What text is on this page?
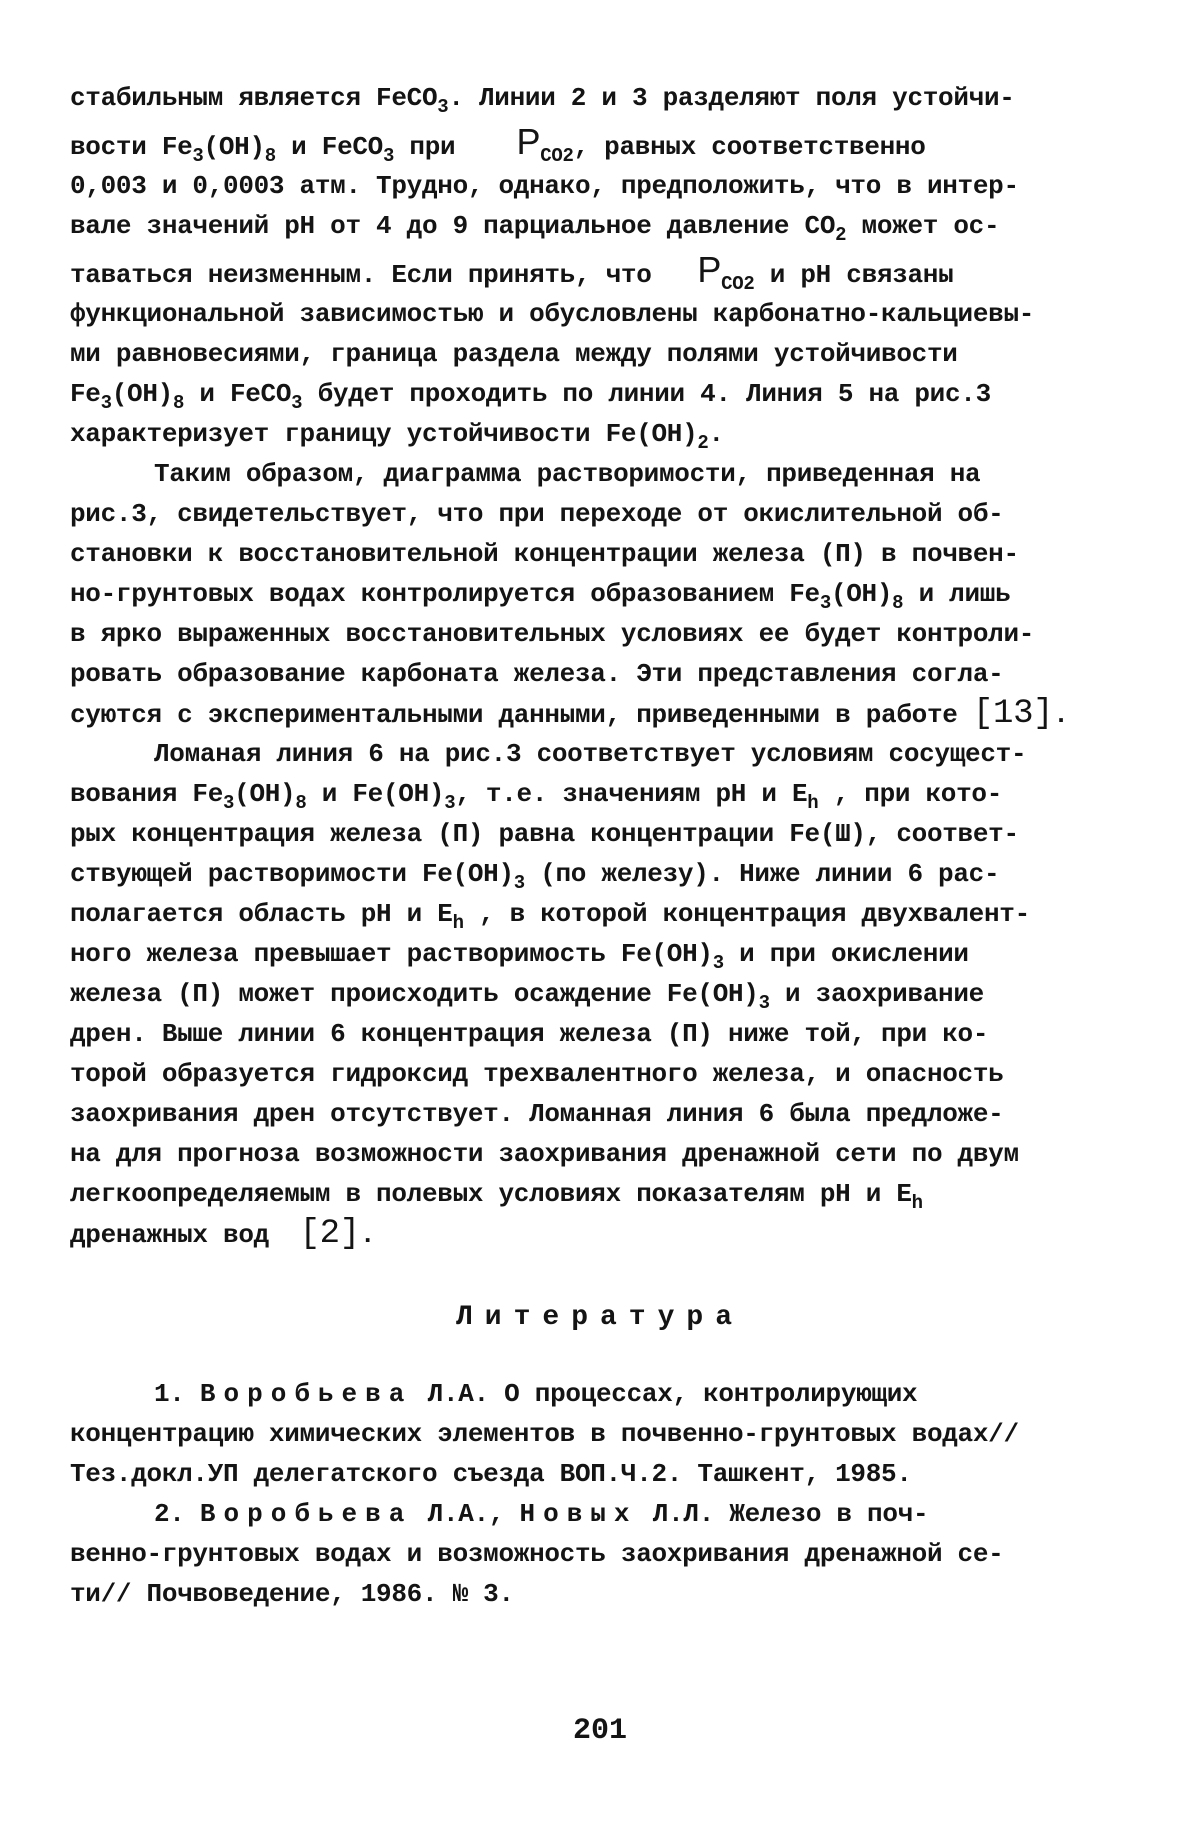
стабильным является FeCO$_3$. Линии 2 и 3 разделяют поля устойчи-
вости $Fe_3(OH)_8$ и FeCO$_3$ при    $P_{CO2}$, равных соответственно
0,003 и 0,0003 атм. Трудно, однако, предположить, что в интер-
вале значений pH от 4 до 9 парциальное давление $CO_2$ может ос-
таваться неизменным. Если принять, что   $P_{CO2}$ и pH связаны
функциональной зависимостью и обусловлены карбонатно-кальциевы-
ми равновесиями, граница раздела между полями устойчивости
$Fe_3(OH)_8$ и FeCO$_3$ будет проходить по линии 4. Линия 5 на рис.3
характеризует границу устойчивости $Fe(OH)_2$.
Таким образом, диаграмма растворимости, приведенная на
рис.3, свидетельствует, что при переходе от окислительной об-
становки к восстановительной концентрации железа (П) в почвен-
но-грунтовых водах контролируется образованием $Fe_3(OH)_8$ и лишь
в ярко выраженных восстановительных условиях ее будет контроли-
ровать образование карбоната железа. Эти представления согла-
суются с экспериментальными данными, приведенными в работе [13].
Ломаная линия 6 на рис.3 соответствует условиям сосущест-
вования $Fe_3(OH)_8$ и $Fe(OH)_3$, т.е. значениям pH и $E_h$ , при кото-
рых концентрация железа (П) равна концентрации Fe(Ш), соответ-
ствующей растворимости $Fe(OH)_3$ (по железу). Ниже линии 6 рас-
полагается область pH и $E_h$ , в которой концентрация двухвалент-
ного железа превышает растворимость $Fe(OH)_3$ и при окислении
железа (П) может происходить осаждение $Fe(OH)_3$ и заохривание
дрен. Выше линии 6 концентрация железа (П) ниже той, при ко-
торой образуется гидроксид трехвалентного железа, и опасность
заохривания дрен отсутствует. Ломанная линия 6 была предложе-
на для прогноза возможности заохривания дренажной сети по двум
легкоопределяемым в полевых условиях показателям pH и $E_h$
дренажных вод  [2].
Литература
1. Воробьева Л.А. О процессах, контролирующих
концентрацию химических элементов в почвенно-грунтовых водах//
Тез.докл.УП делегатского съезда ВОП.Ч.2. Ташкент, 1985.
2. Воробьева Л.А., Новых Л.Л. Железо в поч-
венно-грунтовых водах и возможность заохривания дренажной се-
ти// Почвоведение, 1986. № 3.
201
